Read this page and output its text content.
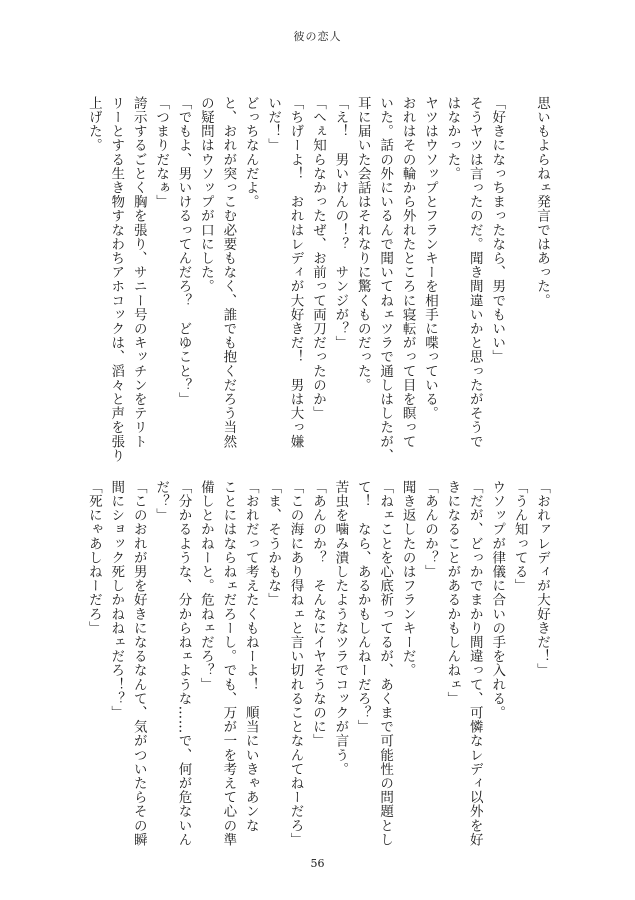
彼の恋人

思いもよらねェ発言ではあった。

「好きになっちまったなら、男でもいい」

そうヤツは言ったのだ。聞き間違いかと思ったがそうで

はなかった。

ヤツはウソップとフランキーを相手に喋っている。

おれはその輪から外れたところに寝転がって目を瞑って

いた。話の外にいるんで聞いてねェツラで通しはしたが、

耳に届いた会話はそれなりに驚くものだった。

「え！　男いけんの！？　サンジが？」

「へぇ知らなかったぜ、お前って両刀だったのか」

「ちげーよ！　おれはレディが大好きだ！　男は大っ嫌

いだ！」

どっちなんだよ。

と、おれが突っこむ必要もなく、誰でも抱くだろう当然

の疑問はウソップが口にした。

「でもよ、男いけるってんだろ？　どゆこと？」

「つまりだなぁ」

誇示するごとく胸を張り、サニー号のキッチンをテリト

リーとする生き物すなわちアホコックは、滔々と声を張り

上げた。

「おれァレディが大好きだ！」

「うん知ってる」

ウソップが律儀に合いの手を入れる。

「だが、どっかでまかり間違って、可憐なレディ以外を好

きになることがあるかもしんねェ」

「あんのか？」

聞き返したのはフランキーだ。

「ねェことを心底祈ってるが、あくまで可能性の問題とし

て！　なら、あるかもしんねーだろ？」

苦虫を噛み潰したようなツラでコックが言う。

「あんのか？　そんなにイヤそうなのに」

「この海にあり得ねェと言い切れることなんてねーだろ」

「ま、そうかもな」

「おれだって考えたくもねーよ！　順当にいきゃあンな

ことにはならねェだろーし。でも、万が一を考えて心の準

備しとかねーと。危ねェだろ？」

「分かるような、分からねェような……で、何が危ないん

だ？」

「このおれが男を好きになるなんて、気がついたらその瞬

間にショック死しかねねェだろ！？」

「死にゃあしねーだろ」

56
